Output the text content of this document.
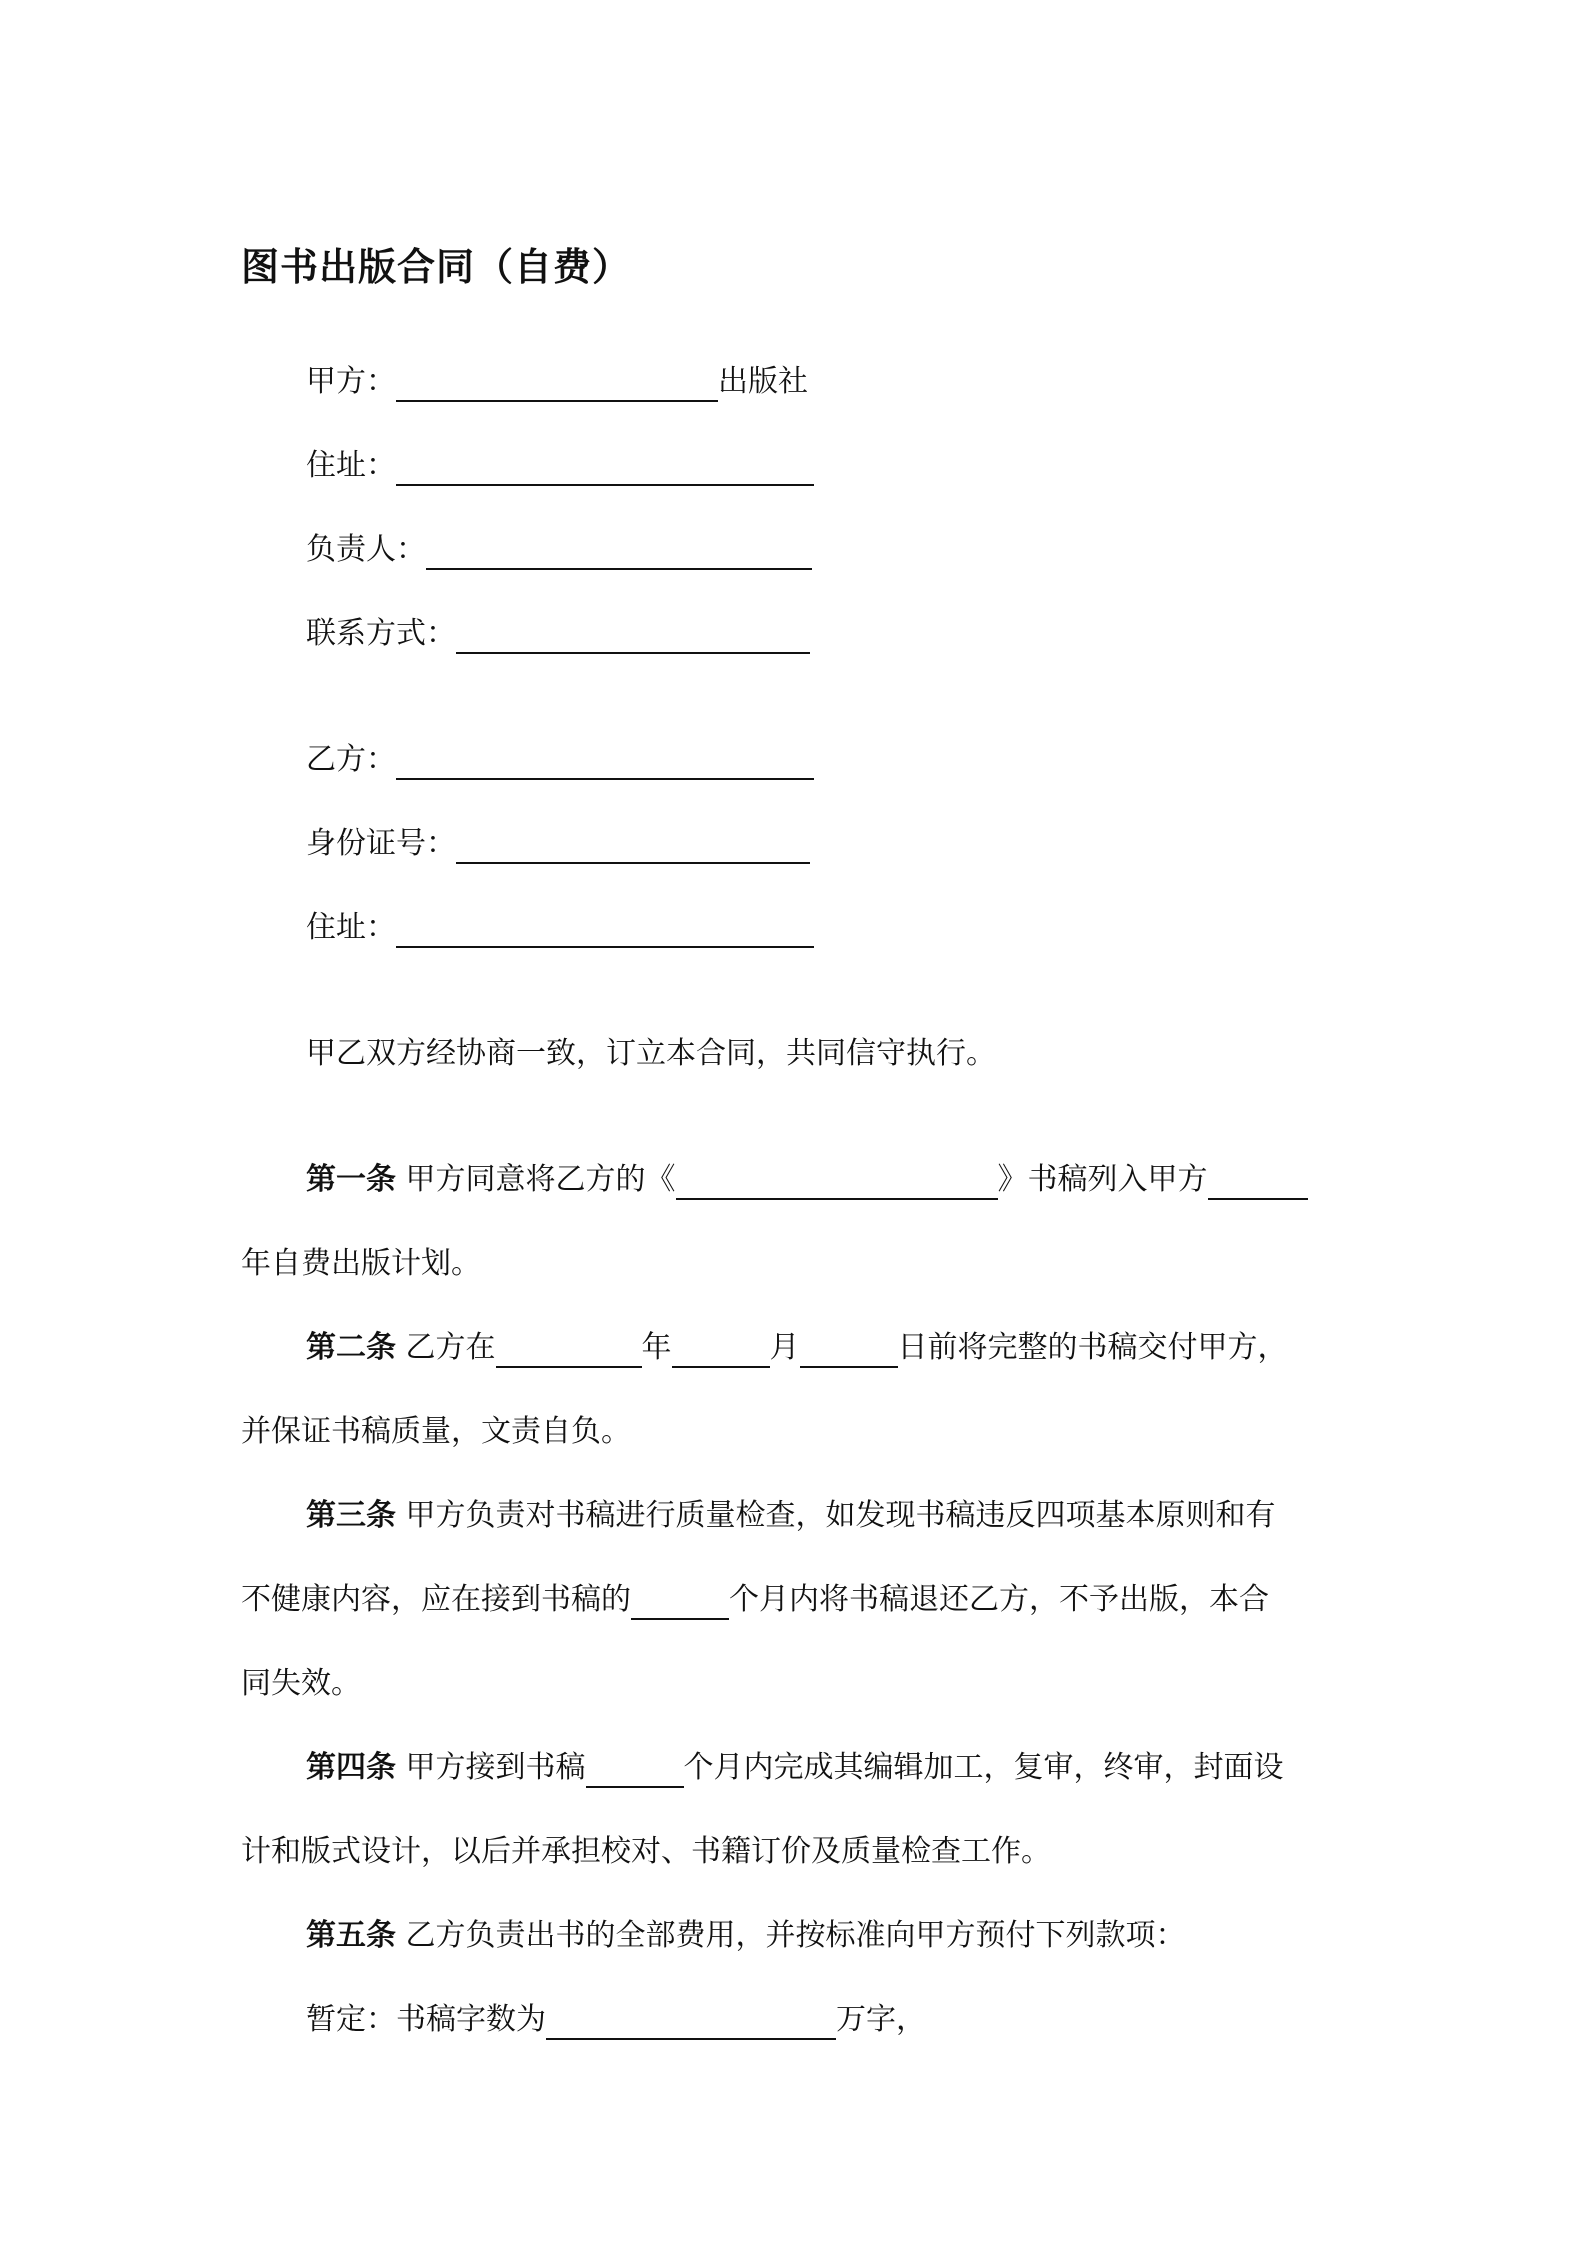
图书出版合同（自费）
甲方：	出版社
住址：
负责人：
联系方式：
乙方：
身份证号：
住址：
甲乙双方经协商一致，订立本合同，共同信守执行。
第一条 甲方同意将乙方的《	》书稿列入甲方
年自费出版计划。
第二条 乙方在	年	月	日前将完整的书稿交付甲方，
并保证书稿质量，文责自负。
第三条 甲方负责对书稿进行质量检查，如发现书稿违反四项基本原则和有
不健康内容，应在接到书稿的	个月内将书稿退还乙方，不予出版，本合
同失效。
第四条 甲方接到书稿	个月内完成其编辑加工，复审，终审，封面设
计和版式设计，以后并承担校对、书籍订价及质量检查工作。
第五条 乙方负责出书的全部费用，并按标准向甲方预付下列款项：
暂定：书稿字数为	万字，
